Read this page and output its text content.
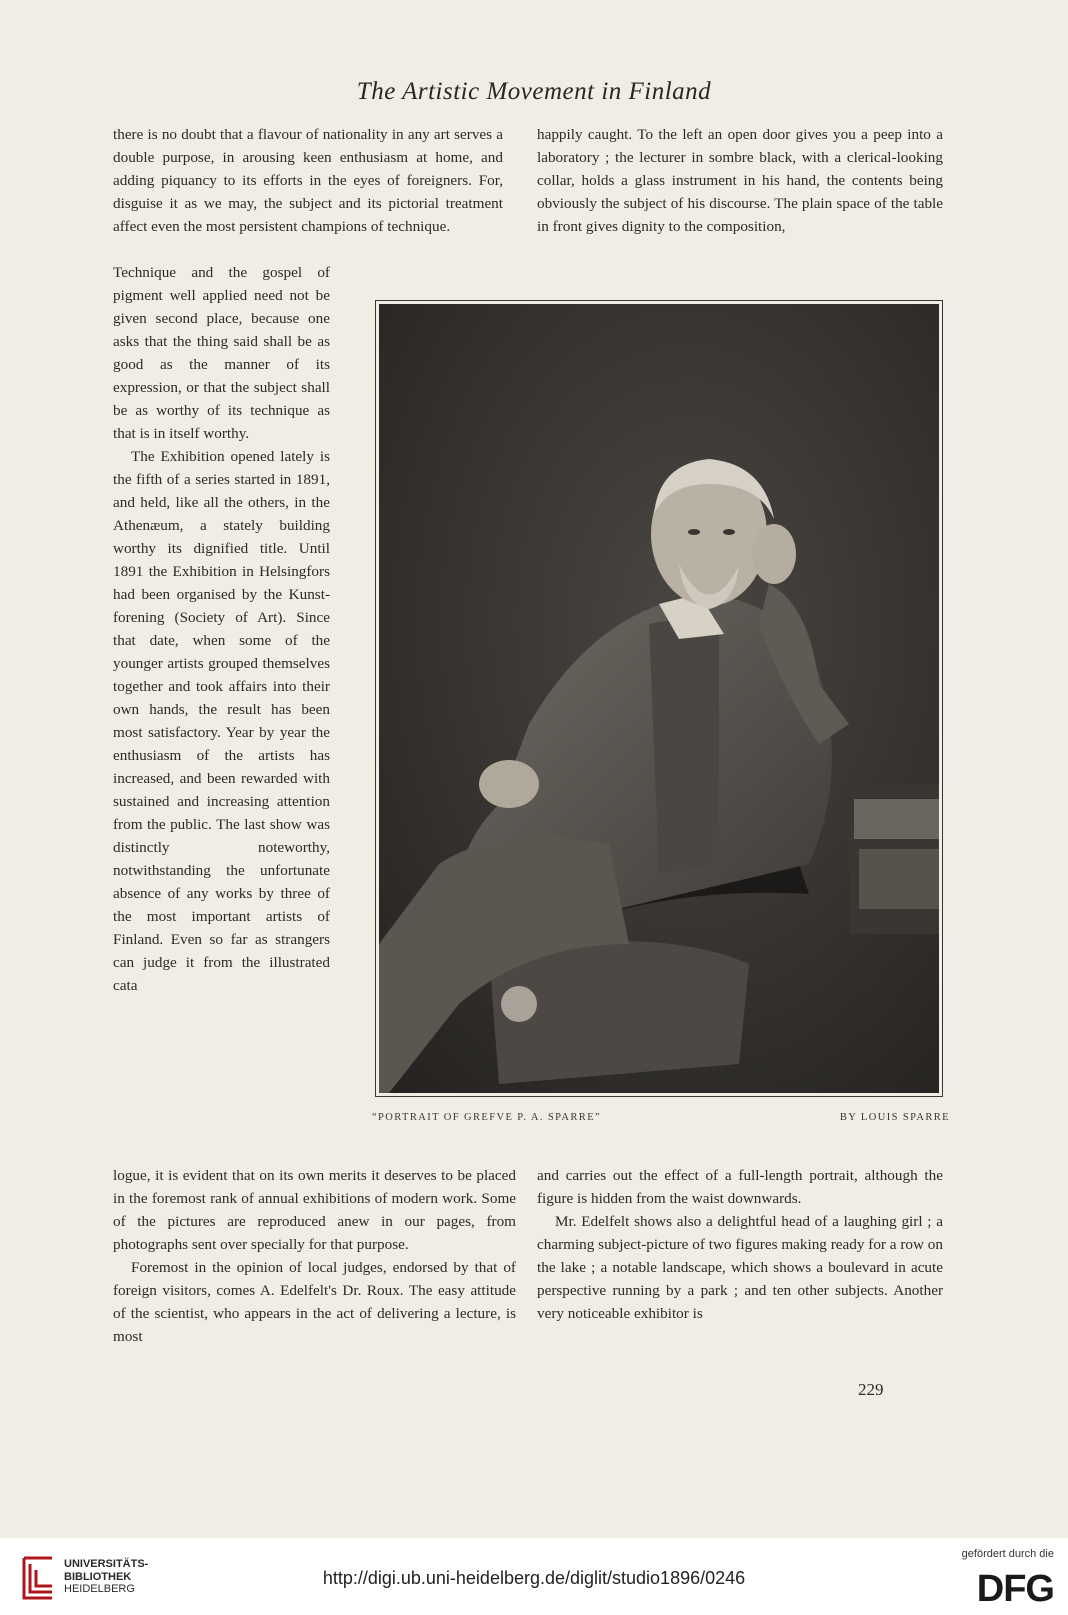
The Artistic Movement in Finland

there is no doubt that a flavour of nationality in any art serves a double purpose, in arousing keen enthusiasm at home, and adding piquancy to its efforts in the eyes of foreigners. For, disguise it as we may, the subject and its pictorial treatment affect even the most persistent champions of technique.

happily caught. To the left an open door gives you a peep into a laboratory ; the lecturer in sombre black, with a clerical-looking collar, holds a glass instrument in his hand, the contents being obviously the subject of his discourse. The plain space of the table in front gives dignity to the composition,

Technique and the gospel of pigment well applied need not be given second place, because one asks that the thing said shall be as good as the manner of its expression, or that the subject shall be as worthy of its technique as that is in itself worthy.

The Exhibition opened lately is the fifth of a series started in 1891, and held, like all the others, in the Athenæum, a stately building worthy its dignified title. Until 1891 the Exhibition in Helsingfors had been organised by the Kunst-forening (Society of Art). Since that date, when some of the younger artists grouped themselves together and took affairs into their own hands, the result has been most satisfactory. Year by year the enthusiasm of the artists has increased, and been rewarded with sustained and increasing attention from the public. The last show was distinctly noteworthy, notwithstanding the unfortunate absence of any works by three of the most important artists of Finland. Even so far as strangers can judge it from the illustrated cata

“PORTRAIT OF GREFVE P. A. SPARRE”	BY LOUIS SPARRE

logue, it is evident that on its own merits it deserves to be placed in the foremost rank of annual exhibitions of modern work. Some of the pictures are reproduced anew in our pages, from photographs sent over specially for that purpose.

Foremost in the opinion of local judges, endorsed by that of foreign visitors, comes A. Edelfelt's Dr. Roux. The easy attitude of the scientist, who appears in the act of delivering a lecture, is most

and carries out the effect of a full-length portrait, although the figure is hidden from the waist downwards.

Mr. Edelfelt shows also a delightful head of a laughing girl ; a charming subject-picture of two figures making ready for a row on the lake ; a notable landscape, which shows a boulevard in acute perspective running by a park ; and ten other subjects. Another very noticeable exhibitor is

229
UNIVERSITÄTS-
BIBLIOTHEK
HEIDELBERG
http://digi.ub.uni-heidelberg.de/diglit/studio1896/0246
gefördert durch die
DFG
